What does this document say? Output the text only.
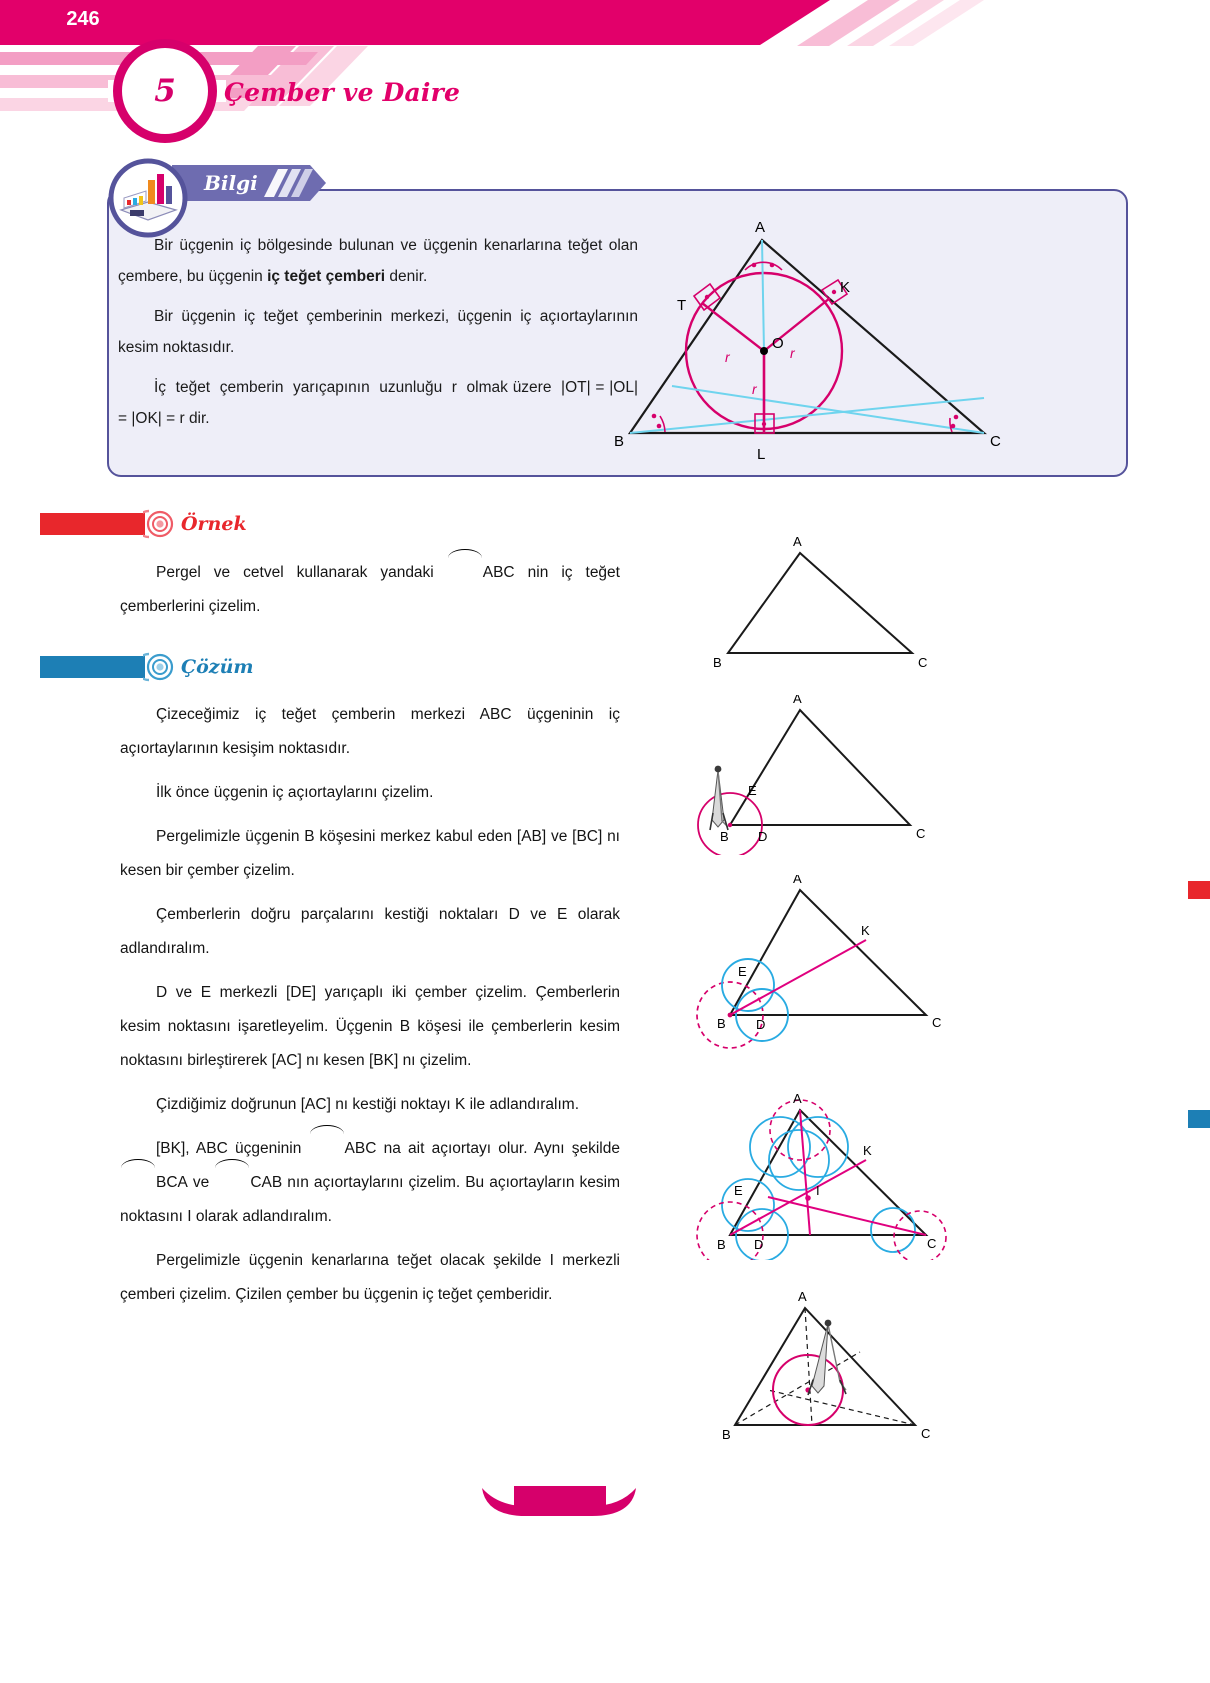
5 Çember ve Daire
Bilgi

Bir üçgenin iç bölgesinde bulunan ve üçgenin kenarlarına teğet olan çembere, bu üçgenin iç teğet çemberi denir.

Bir üçgenin iç teğet çemberinin merkezi, üçgenin iç açıortaylarının kesim noktasıdır.

İç  teğet  çemberin  yarıçapının  uzunluğu  r  olmak üzere  |OT| = |OL| = |OK| = r dir.

A
B	C
T
K
L
O
r	r
r
Örnek

Pergel ve cetvel kullanarak yandaki
ABC nin iç teğet çemberlerini çizelim.

Çözüm

Çizeceğimiz iç teğet çemberin merkezi ABC üçgeninin iç açıortaylarının kesişim noktasıdır.

İlk önce üçgenin iç açıortaylarını çizelim.

Pergelimizle üçgenin B köşesini merkez kabul eden [AB] ve [BC] nı kesen bir çember çizelim.

Çemberlerin doğru parçalarını kestiği noktaları D ve E olarak adlandıralım.

D ve E merkezli [DE] yarıçaplı iki çember çizelim. Çemberlerin kesim noktasını işaretleyelim. Üçgenin B köşesi ile çemberlerin kesim noktasını birleştirerek [AC] nı kesen [BK] nı çizelim.

Çizdiğimiz doğrunun [AC] nı kestiği noktayı K ile adlandıralım.

[BK], ABC üçgeninin
ABC na ait açıortayı olur. Aynı şekilde
BCA ve
CAB nın açıortaylarını çizelim. Bu açıortayların kesim noktasını I olarak adlandıralım.

Pergelimizle üçgenin kenarlarına teğet olacak şekilde I merkezli çemberi çizelim. Çizilen çember bu üçgenin iç teğet çemberidir.

A
B	C
A
B	C
E
D
A
B	C
E
D
K
A
B	C
E
D
K
I
A
B	C
246
